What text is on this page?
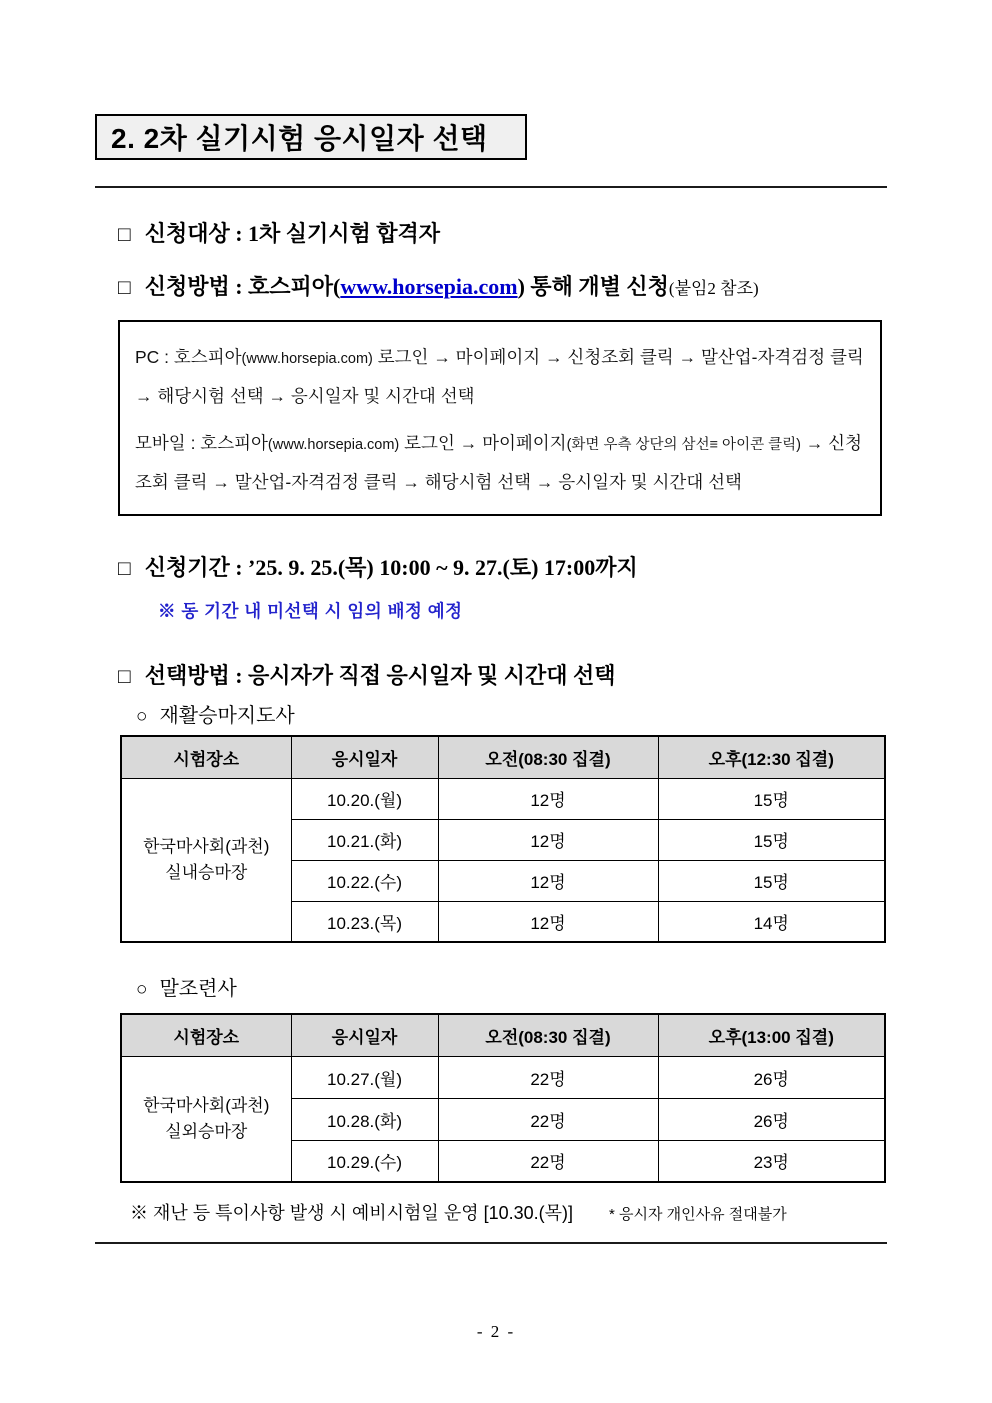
2. 2차 실기시험 응시일자 선택
□ 신청대상 : 1차 실기시험 합격자
□ 신청방법 : 호스피아(www.horsepia.com) 통해 개별 신청(붙임2 참조)

PC : 호스피아(www.horsepia.com) 로그인 → 마이페이지 → 신청조회 클릭 → 말산업-자격검정 클릭 → 해당시험 선택 → 응시일자 및 시간대 선택

모바일 : 호스피아(www.horsepia.com) 로그인 → 마이페이지(화면 우측 상단의 삼선≡ 아이콘 클릭) → 신청조회 클릭 → 말산업-자격검정 클릭 → 해당시험 선택 → 응시일자 및 시간대 선택

□ 신청기간 : ’25. 9. 25.(목) 10:00 ~ 9. 27.(토) 17:00까지
※ 동 기간 내 미선택 시 임의 배정 예정
□ 선택방법 : 응시자가 직접 응시일자 및 시간대 선택
○ 재활승마지도사
시험장소	응시일자	오전(08:30 집결)	오후(12:30 집결)
한국마사회(과천)
실내승마장	10.20.(월)	12명	15명
	10.21.(화)	12명	15명
	10.22.(수)	12명	15명
	10.23.(목)	12명	14명
○ 말조련사
시험장소	응시일자	오전(08:30 집결)	오후(13:00 집결)
한국마사회(과천)
실외승마장	10.27.(월)	22명	26명
	10.28.(화)	22명	26명
	10.29.(수)	22명	23명
※ 재난 등 특이사항 발생 시 예비시험일 운영 [10.30.(목)] * 응시자 개인사유 절대불가
- 2 -
